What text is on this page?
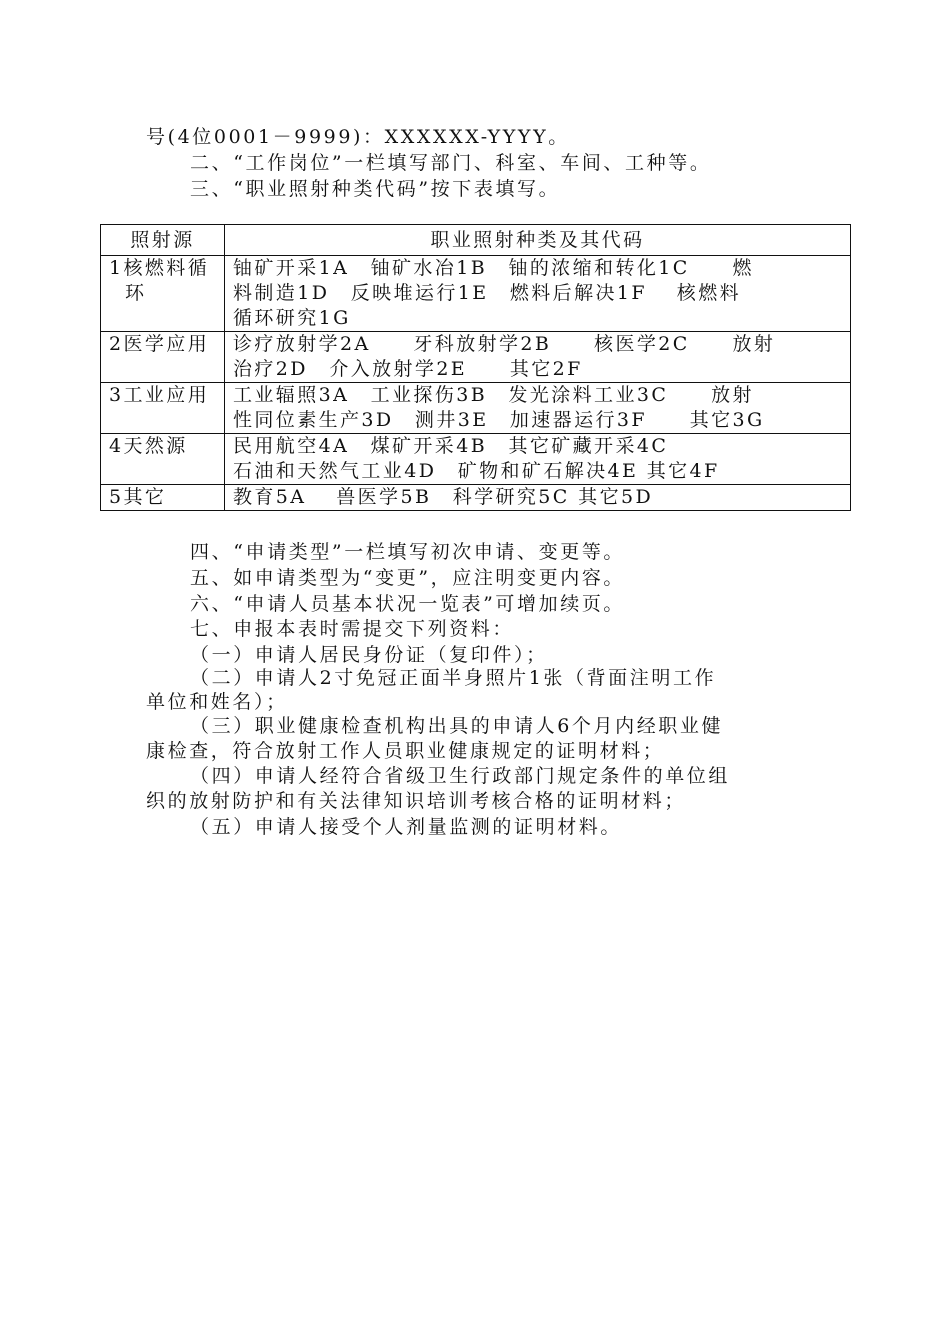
号(4位0001－9999)：XXXXXX-YYYY。
二、“工作岗位”一栏填写部门、科室、车间、工种等。
三、“职业照射种类代码”按下表填写。
照射源	职业照射种类及其代码

1核燃料循
环	铀矿开采1A　铀矿水冶1B　铀的浓缩和转化1C　　燃
料制造1D　反映堆运行1E　燃料后解决1F　 核燃料
循环研究1G

2医学应用	诊疗放射学2A　　牙科放射学2B　　核医学2C　　放射
治疗2D　介入放射学2E　　其它2F

3工业应用	工业辐照3A　工业探伤3B　发光涂料工业3C　　放射
性同位素生产3D　测井3E　加速器运行3F　　其它3G

4天然源	民用航空4A　煤矿开采4B　其它矿藏开采4C
石油和天然气工业4D　矿物和矿石解决4E 其它4F

5其它	教育5A　 兽医学5B　科学研究5C 其它5D
四、“申请类型”一栏填写初次申请、变更等。
五、如申请类型为“变更”，应注明变更内容。
六、“申请人员基本状况一览表”可增加续页。
七、申报本表时需提交下列资料：
（一）申请人居民身份证（复印件）；
（二）申请人2寸免冠正面半身照片1张（背面注明工作
单位和姓名）；
（三）职业健康检查机构出具的申请人6个月内经职业健
康检查，符合放射工作人员职业健康规定的证明材料；
（四）申请人经符合省级卫生行政部门规定条件的单位组
织的放射防护和有关法律知识培训考核合格的证明材料；
（五）申请人接受个人剂量监测的证明材料。
